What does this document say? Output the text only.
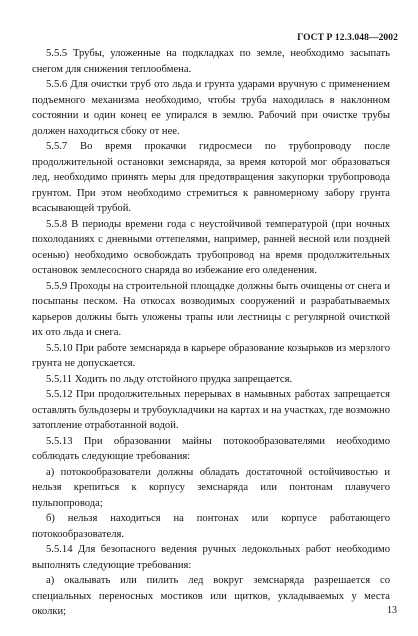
ГОСТ Р 12.3.048—2002

5.5.5 Трубы, уложенные на подкладках по земле, необходимо засыпать снегом для снижения теплообмена.

5.5.6 Для очистки труб ото льда и грунта ударами вручную с применением подъемного механизма необходимо, чтобы труба находилась в наклонном состоянии и один конец ее упирался в землю. Рабочий при очистке трубы должен находиться сбоку от нее.

5.5.7 Во время прокачки гидросмеси по трубопроводу после продолжительной остановки земснаряда, за время которой мог образоваться лед, необходимо принять меры для предотвращения закупорки трубопровода грунтом. При этом необходимо стремиться к равномерному забору грунта всасывающей трубой.

5.5.8 В периоды времени года с неустойчивой температурой (при ночных похолоданиях с дневными оттепелями, например, ранней весной или поздней осенью) необходимо освобождать трубопровод на время продолжительных остановок землесосного снаряда во избежание его оледенения.

5.5.9 Проходы на строительной площадке должны быть очищены от снега и посыпаны песком. На откосах возводимых сооружений и разрабатываемых карьеров должны быть уложены трапы или лестницы с регулярной очисткой их ото льда и снега.

5.5.10 При работе земснаряда в карьере образование козырьков из мерзлого грунта не допускается.

5.5.11 Ходить по льду отстойного прудка запрещается.

5.5.12 При продолжительных перерывах в намывных работах запрещается оставлять бульдозеры и трубоукладчики на картах и на участках, где возможно затопление отработанной водой.

5.5.13 При образовании майны потокообразователями необходимо соблюдать следующие требования:

а) потокообразователи должны обладать достаточной остойчивостью и нельзя крепиться к корпусу земснаряда или понтонам плавучего пульпопровода;

б) нельзя находиться на понтонах или корпусе работающего потокообразователя.

5.5.14 Для безопасного ведения ручных ледокольных работ необходимо выполнять следующие требования:

а) окалывать или пилить лед вокруг земснаряда разрешается со специальных переносных мостиков или щитков, укладываемых у места околки;	13
